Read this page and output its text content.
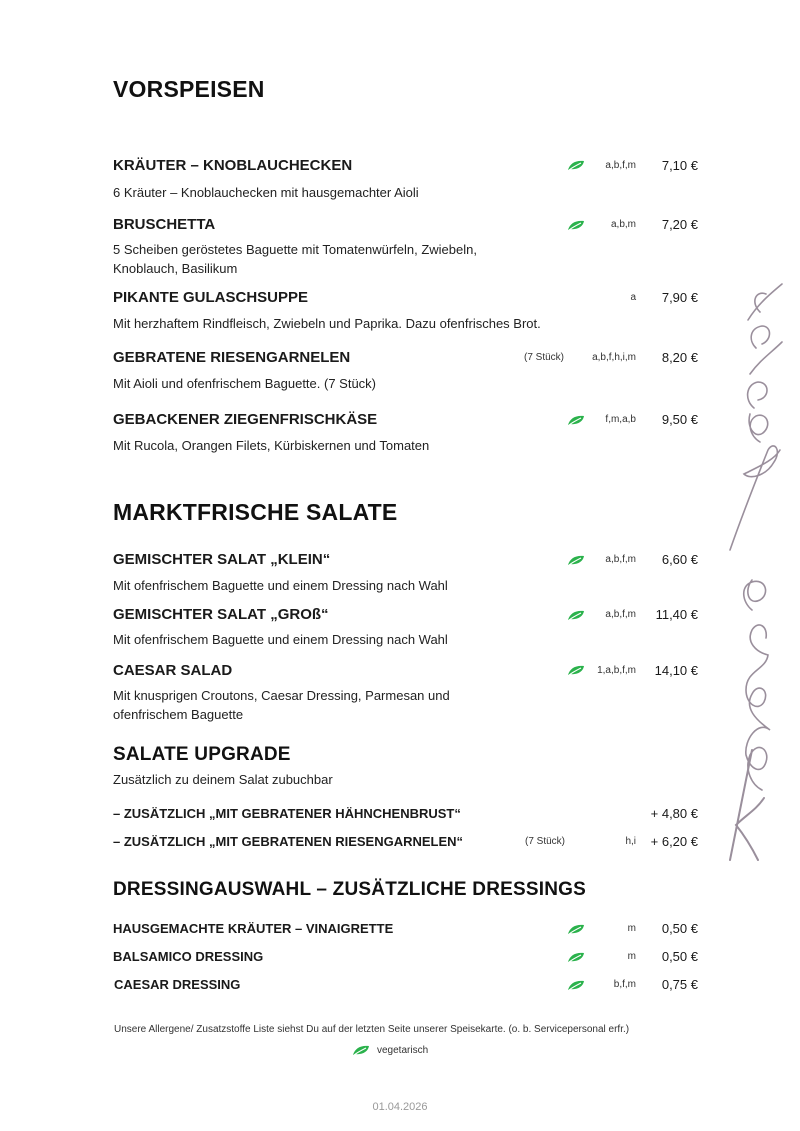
VORSPEISEN
KRÄUTER – KNOBLAUCHECKEN	a,b,f,m	7,10 €
6 Kräuter – Knoblauchecken mit hausgemachter Aioli
BRUSCHETTA	a,b,m	7,20 €
5 Scheiben geröstetes Baguette mit Tomatenwürfeln, Zwiebeln, Knoblauch, Basilikum
PIKANTE GULASCHSUPPE	a	7,90 €
Mit herzhaftem Rindfleisch, Zwiebeln und Paprika. Dazu ofenfrisches Brot.
GEBRATENE RIESENGARNELEN	(7 Stück)	a,b,f,h,i,m	8,20 €
Mit Aioli und ofenfrischem Baguette. (7 Stück)
GEBACKENER ZIEGENFRISCHKÄSE	f,m,a,b	9,50 €
Mit Rucola, Orangen Filets, Kürbiskernen und Tomaten
MARKTFRISCHE SALATE
GEMISCHTER SALAT „KLEIN“	a,b,f,m	6,60 €
Mit ofenfrischem Baguette und einem Dressing nach Wahl
GEMISCHTER SALAT „GROß“	a,b,f,m	11,40 €
Mit ofenfrischem Baguette und einem Dressing nach Wahl
CAESAR SALAD	1,a,b,f,m	14,10 €
Mit knusprigen Croutons, Caesar Dressing, Parmesan und ofenfrischem Baguette
SALATE UPGRADE
Zusätzlich zu deinem Salat zubuchbar
– ZUSÄTZLICH „MIT GEBRATENER HÄHNCHENBRUST“	+ 4,80 €
– ZUSÄTZLICH „MIT GEBRATENEN RIESENGARNELEN“	(7 Stück)	h,i	+ 6,20 €
DRESSINGAUSWAHL – ZUSÄTZLICHE DRESSINGS
HAUSGEMACHTE KRÄUTER – VINAIGRETTE	m	0,50 €
BALSAMICO DRESSING	m	0,50 €
CAESAR DRESSING	b,f,m	0,75 €
Unsere Allergene/ Zusatzstoffe Liste siehst Du auf der letzten Seite unserer Speisekarte. (o. b. Servicepersonal erfr.)
vegetarisch
01.04.2026
